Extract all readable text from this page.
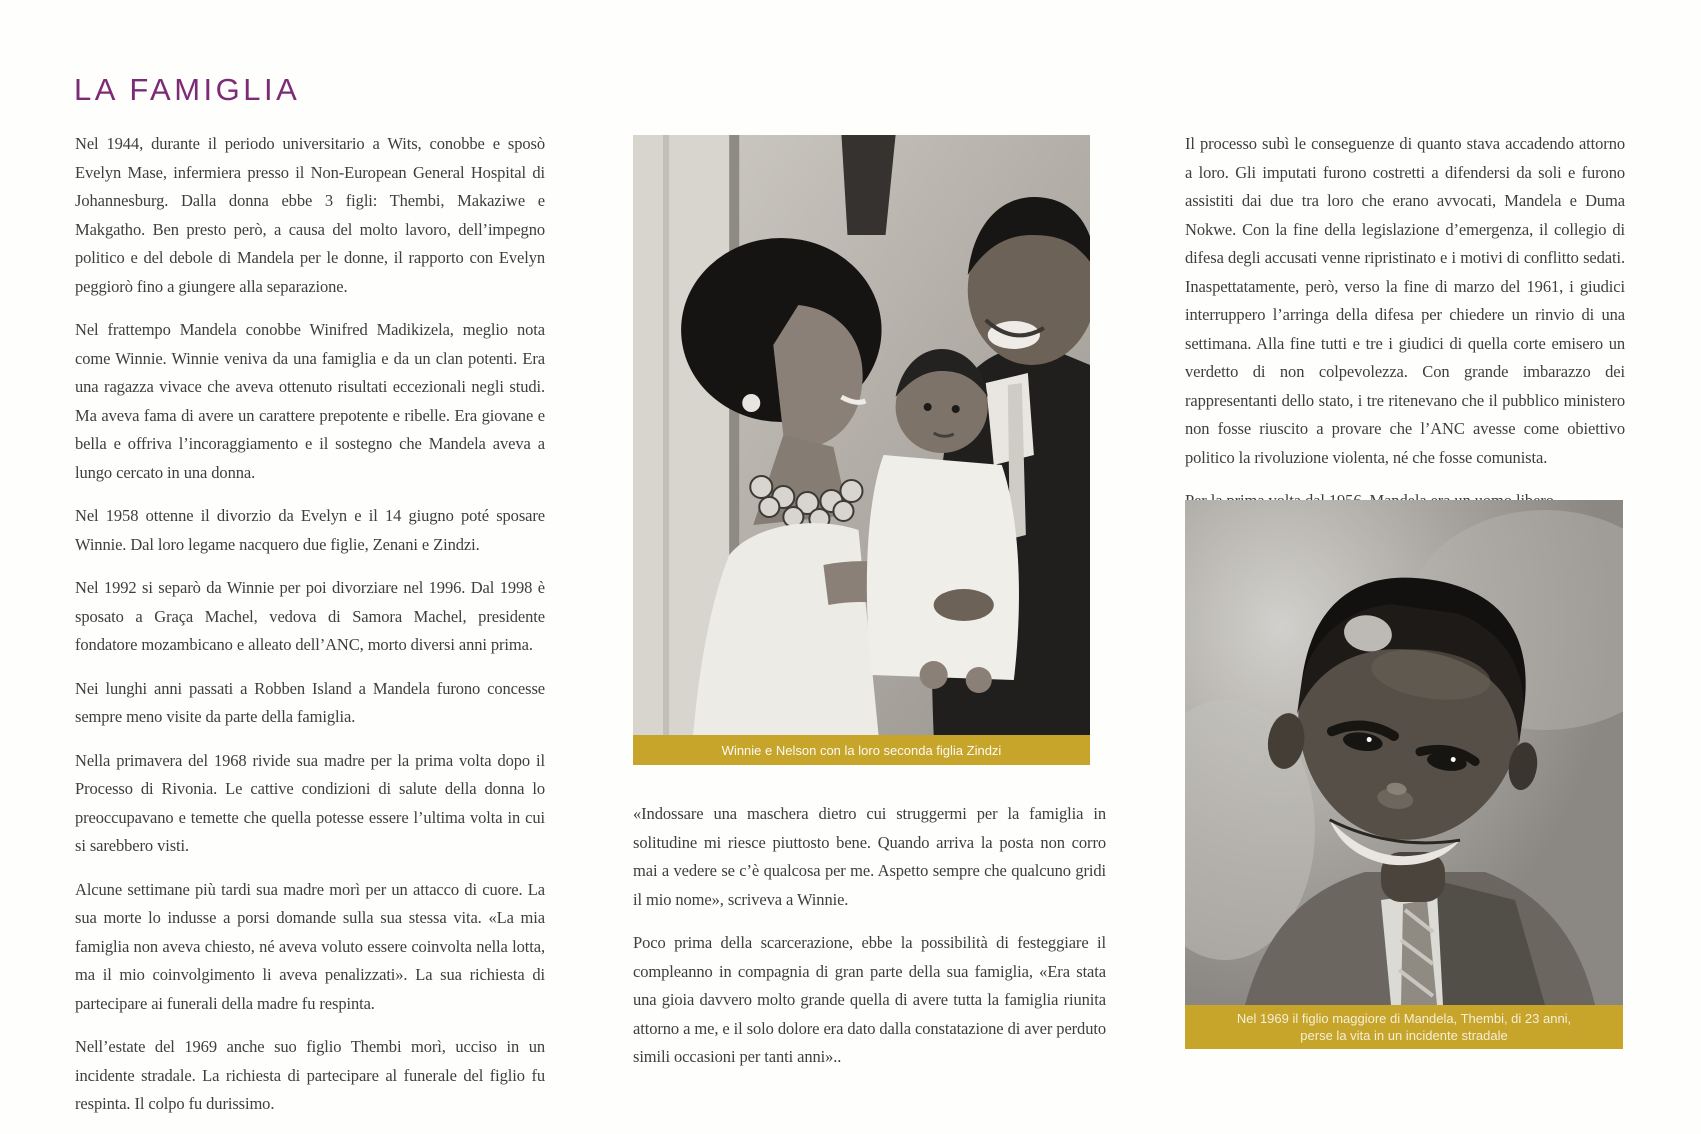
LA FAMIGLIA

Nel 1944, durante il periodo universitario a Wits, conobbe e sposò Evelyn Mase, infermiera presso il Non-European General Hospital di Johannesburg. Dalla donna ebbe 3 figli: Thembi, Makaziwe e Makgatho. Ben presto però, a causa del molto lavoro, dell’impegno politico e del debole di Mandela per le donne, il rapporto con Evelyn peggiorò fino a giungere alla separazione.

Nel frattempo Mandela conobbe Winifred Madikizela, meglio nota come Winnie. Winnie veniva da una famiglia e da un clan potenti. Era una ragazza vivace che aveva ottenuto risultati eccezionali negli studi. Ma aveva fama di avere un carattere prepotente e ribelle. Era giovane e bella e offriva l’incoraggiamento e il sostegno che Mandela aveva a lungo cercato in una donna.

Nel 1958 ottenne il divorzio da Evelyn e il 14 giugno poté sposare Winnie. Dal loro legame nacquero due figlie, Zenani e Zindzi.

Nel 1992 si separò da Winnie per poi divorziare nel 1996. Dal 1998 è sposato a Graça Machel, vedova di Samora Machel, presidente fondatore mozambicano e alleato dell’ANC, morto diversi anni prima.

Nei lunghi anni passati a Robben Island a Mandela furono concesse sempre meno visite da parte della famiglia.

Nella primavera del 1968 rivide sua madre per la prima volta dopo il Processo di Rivonia. Le cattive condizioni di salute della donna lo preoccupavano e temette che quella potesse essere l’ultima volta in cui si sarebbero visti.

Alcune settimane più tardi sua madre morì per un attacco di cuore. La sua morte lo indusse a porsi domande sulla sua stessa vita. «La mia famiglia non aveva chiesto, né aveva voluto essere coinvolta nella lotta, ma il mio coinvolgimento li aveva penalizzati». La sua richiesta di partecipare ai funerali della madre fu respinta.

Nell’estate del 1969 anche suo figlio Thembi morì, ucciso in un incidente stradale. La richiesta di partecipare al funerale del figlio fu respinta. Il colpo fu durissimo.

Winnie e Nelson con la loro seconda figlia Zindzi

«Indossare una maschera dietro cui struggermi per la famiglia in solitudine mi riesce piuttosto bene. Quando arriva la posta non corro mai a vedere se c’è qualcosa per me. Aspetto sempre che qualcuno gridi il mio nome», scriveva a Winnie.

Poco prima della scarcerazione, ebbe la possibilità di festeggiare il compleanno in compagnia di gran parte della sua famiglia, «Era stata una gioia davvero molto grande quella di avere tutta la famiglia riunita attorno a me, e il solo dolore era dato dalla constatazione di aver perduto simili occasioni per tanti anni»..

Il processo subì le conseguenze di quanto stava accadendo attorno a loro. Gli imputati furono costretti a difendersi da soli e furono assistiti dai due tra loro che erano avvocati, Mandela e Duma Nokwe. Con la fine della legislazione d’emergenza, il collegio di difesa degli accusati venne ripristinato e i motivi di conflitto sedati. Inaspettatamente, però, verso la fine di marzo del 1961, i giudici interruppero l’arringa della difesa per chiedere un rinvio di una settimana. Alla fine tutti e tre i giudici di quella corte emisero un verdetto di non colpevolezza. Con grande imbarazzo dei rappresentanti dello stato, i tre ritenevano che il pubblico ministero non fosse riuscito a provare che l’ANC avesse come obiettivo politico la rivoluzione violenta, né che fosse comunista.

Nel 1969 il figlio maggiore di Mandela, Thembi, di 23 anni,
perse la vita in un incidente stradale
